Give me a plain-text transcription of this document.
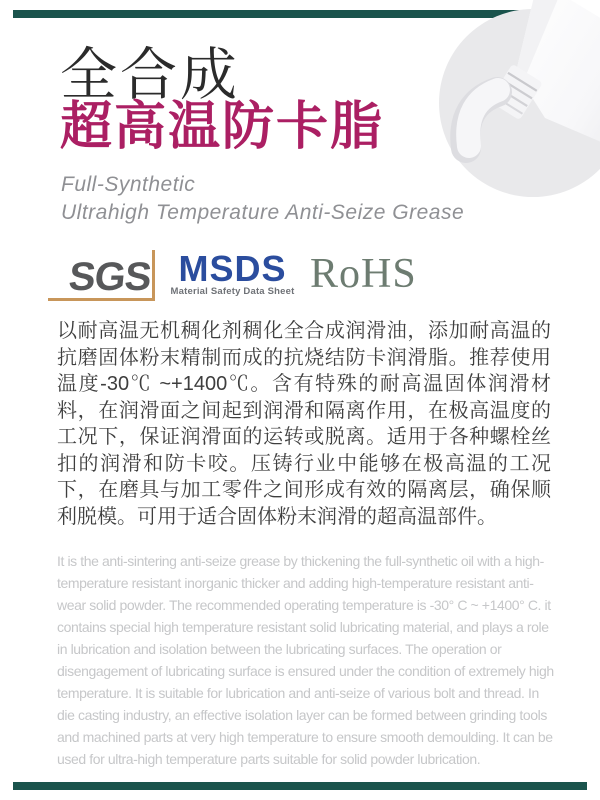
全合成
超高温防卡脂
Full-Synthetic
Ultrahigh Temperature Anti-Seize Grease
SGS MSDS
Material Safety Data Sheet RoHS
以耐高温无机稠化剂稠化全合成润滑油，添加耐高温的抗磨固体粉末精制而成的抗烧结防卡润滑脂。推荐使用温度-30℃ ~+1400℃。含有特殊的耐高温固体润滑材料，在润滑面之间起到润滑和隔离作用，在极高温度的工况下，保证润滑面的运转或脱离。适用于各种螺栓丝扣的润滑和防卡咬。压铸行业中能够在极高温的工况下，在磨具与加工零件之间形成有效的隔离层，确保顺利脱模。可用于适合固体粉末润滑的超高温部件。
It is the anti-sintering anti-seize grease by thickening the full-synthetic oil with a high-temperature resistant inorganic thicker and adding high-temperature resistant anti-wear solid powder. The recommended operating temperature is -30° C ~ +1400° C. it contains special high temperature resistant solid lubricating material, and plays a role in lubrication and isolation between the lubricating surfaces. The operation or disengagement of lubricating surface is ensured under the condition of extremely high temperature. It is suitable for lubrication and anti-seize of various bolt and thread. In die casting industry, an effective isolation layer can be formed between grinding tools and machined parts at very high temperature to ensure smooth demoulding. It can be used for ultra-high temperature parts suitable for solid powder lubrication.
